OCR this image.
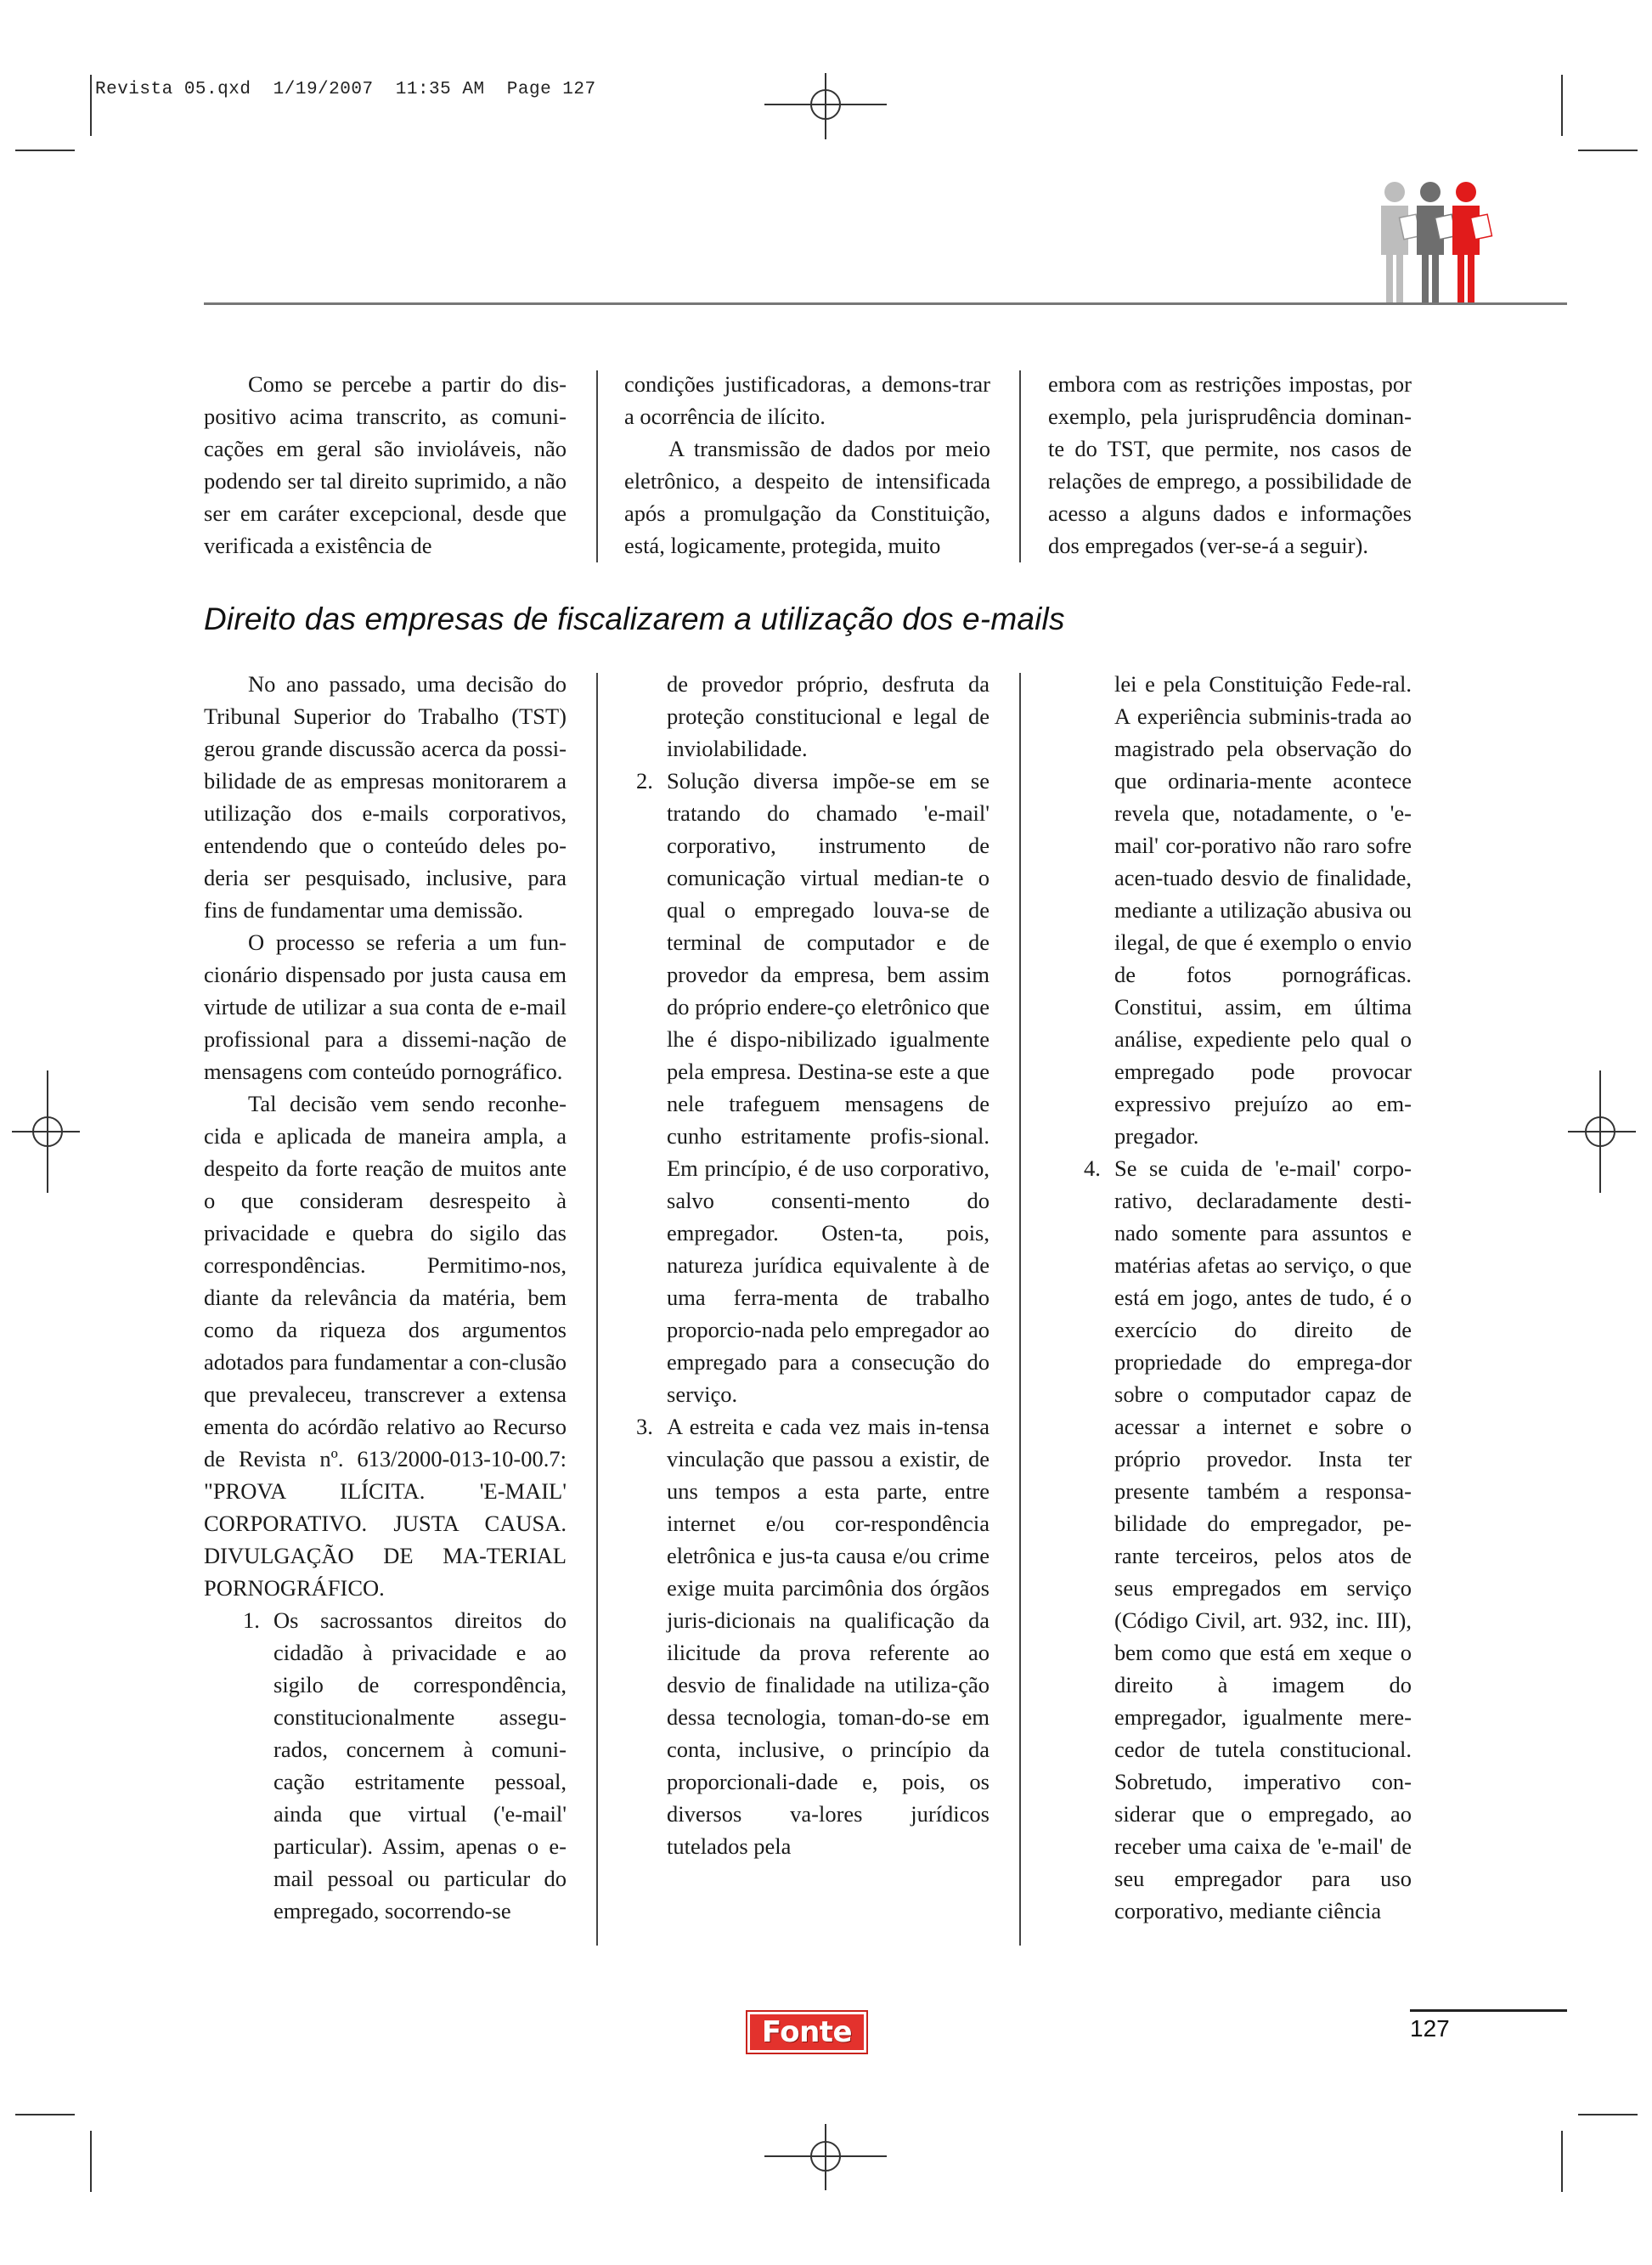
Revista 05.qxd  1/19/2007  11:35 AM  Page 127

Como se percebe a partir do dis-positivo acima transcrito, as comuni-cações em geral são invioláveis, não podendo ser tal direito suprimido, a não ser em caráter excepcional, desde que verificada a existência de

condições justificadoras, a demons-trar a ocorrência de ilícito.

A transmissão de dados por meio eletrônico, a despeito de intensificada após a promulgação da Constituição, está, logicamente, protegida, muito

embora com as restrições impostas, por exemplo, pela jurisprudência dominan-te do TST, que permite, nos casos de relações de emprego, a possibilidade de acesso a alguns dados e informações dos empregados (ver-se-á a seguir).

Direito das empresas de fiscalizarem a utilização dos e-mails

No ano passado, uma decisão do Tribunal Superior do Trabalho (TST) gerou grande discussão acerca da possi-bilidade de as empresas monitorarem a utilização dos e-mails corporativos, entendendo que o conteúdo deles po-deria ser pesquisado, inclusive, para fins de fundamentar uma demissão.

O processo se referia a um fun-cionário dispensado por justa causa em virtude de utilizar a sua conta de e-mail profissional para a dissemi-nação de mensagens com conteúdo pornográfico.

Tal decisão vem sendo reconhe-cida e aplicada de maneira ampla, a despeito da forte reação de muitos ante o que consideram desrespeito à privacidade e quebra do sigilo das correspondências. Permitimo-nos, diante da relevância da matéria, bem como da riqueza dos argumentos adotados para fundamentar a con-clusão que prevaleceu, transcrever a extensa ementa do acórdão relativo ao Recurso de Revista nº. 613/2000-013-10-00.7: "PROVA ILÍCITA. 'E-MAIL' CORPORATIVO. JUSTA CAUSA. DIVULGAÇÃO DE MA-TERIAL PORNOGRÁFICO.

1. Os sacrossantos direitos do cidadão à privacidade e ao sigilo de correspondência, constitucionalmente assegu-rados, concernem à comuni-cação estritamente pessoal, ainda que virtual ('e-mail' particular). Assim, apenas o e-mail pessoal ou particular do empregado, socorrendo-se

de provedor próprio, desfruta da proteção constitucional e legal de inviolabilidade.

2. Solução diversa impõe-se em se tratando do chamado 'e-mail' corporativo, instrumento de comunicação virtual median-te o qual o empregado louva-se de terminal de computador e de provedor da empresa, bem assim do próprio endere-ço eletrônico que lhe é dispo-nibilizado igualmente pela empresa. Destina-se este a que nele trafeguem mensagens de cunho estritamente profis-sional. Em princípio, é de uso corporativo, salvo consenti-mento do empregador. Osten-ta, pois, natureza jurídica equivalente à de uma ferra-menta de trabalho proporcio-nada pelo empregador ao empregado para a consecução do serviço.
3. A estreita e cada vez mais in-tensa vinculação que passou a existir, de uns tempos a esta parte, entre internet e/ou cor-respondência eletrônica e jus-ta causa e/ou crime exige muita parcimônia dos órgãos juris-dicionais na qualificação da ilicitude da prova referente ao desvio de finalidade na utiliza-ção dessa tecnologia, toman-do-se em conta, inclusive, o princípio da proporcionali-dade e, pois, os diversos va-lores jurídicos tutelados pela

lei e pela Constituição Fede-ral. A experiência subminis-trada ao magistrado pela observação do que ordinaria-mente acontece revela que, notadamente, o 'e-mail' cor-porativo não raro sofre acen-tuado desvio de finalidade, mediante a utilização abusiva ou ilegal, de que é exemplo o envio de fotos pornográficas. Constitui, assim, em última análise, expediente pelo qual o empregado pode provocar expressivo prejuízo ao em-pregador.

4. Se se cuida de 'e-mail' corpo-rativo, declaradamente desti-nado somente para assuntos e matérias afetas ao serviço, o que está em jogo, antes de tudo, é o exercício do direito de propriedade do emprega-dor sobre o computador capaz de acessar a internet e sobre o próprio provedor. Insta ter presente também a responsa-bilidade do empregador, pe-rante terceiros, pelos atos de seus empregados em serviço (Código Civil, art. 932, inc. III), bem como que está em xeque o direito à imagem do empregador, igualmente mere-cedor de tutela constitucional. Sobretudo, imperativo con-siderar que o empregado, ao receber uma caixa de 'e-mail' de seu empregador para uso corporativo, mediante ciência
Fonte	127
